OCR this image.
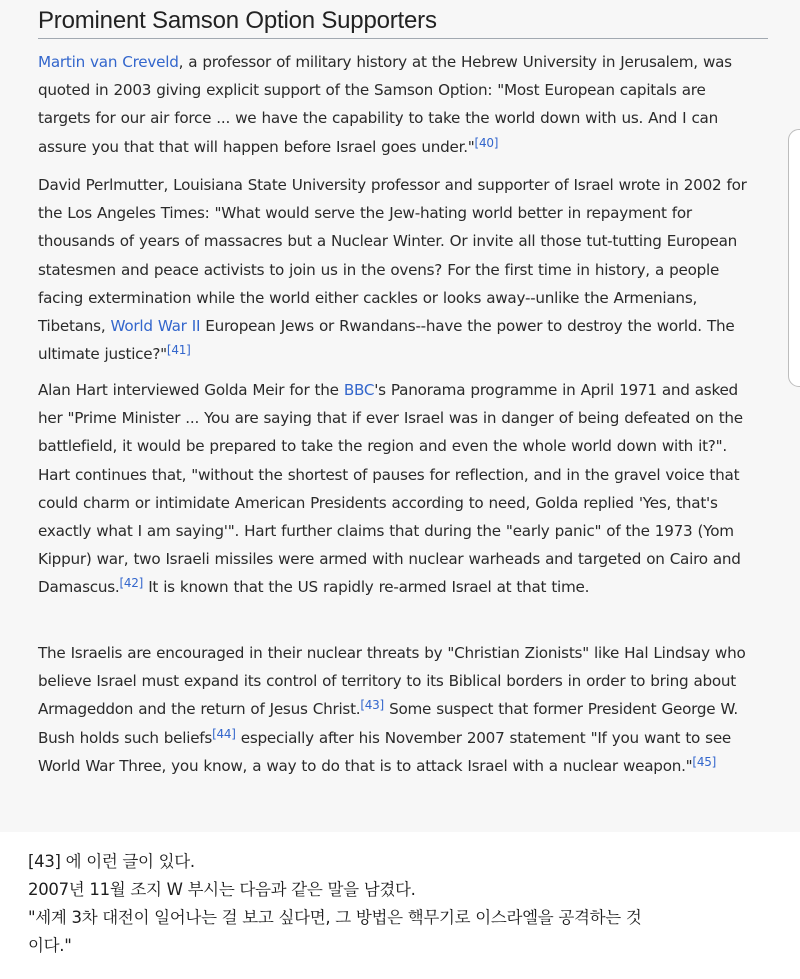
Prominent Samson Option Supporters

Martin van Creveld, a professor of military history at the Hebrew University in Jerusalem, was quoted in 2003 giving explicit support of the Samson Option: "Most European capitals are targets for our air force ... we have the capability to take the world down with us. And I can assure you that that will happen before Israel goes under."[40]

David Perlmutter, Louisiana State University professor and supporter of Israel wrote in 2002 for the Los Angeles Times: "What would serve the Jew-hating world better in repayment for thousands of years of massacres but a Nuclear Winter. Or invite all those tut-tutting European statesmen and peace activists to join us in the ovens? For the first time in history, a people facing extermination while the world either cackles or looks away--unlike the Armenians, Tibetans, World War II European Jews or Rwandans--have the power to destroy the world. The ultimate justice?"[41]

Alan Hart interviewed Golda Meir for the BBC's Panorama programme in April 1971 and asked her "Prime Minister ... You are saying that if ever Israel was in danger of being defeated on the battlefield, it would be prepared to take the region and even the whole world down with it?". Hart continues that, "without the shortest of pauses for reflection, and in the gravel voice that could charm or intimidate American Presidents according to need, Golda replied 'Yes, that's exactly what I am saying'". Hart further claims that during the "early panic" of the 1973 (Yom Kippur) war, two Israeli missiles were armed with nuclear warheads and targeted on Cairo and Damascus.[42] It is known that the US rapidly re-armed Israel at that time.

The Israelis are encouraged in their nuclear threats by "Christian Zionists" like Hal Lindsay who believe Israel must expand its control of territory to its Biblical borders in order to bring about Armageddon and the return of Jesus Christ.[43] Some suspect that former President George W. Bush holds such beliefs[44] especially after his November 2007 statement "If you want to see World War Three, you know, a way to do that is to attack Israel with a nuclear weapon."[45]

[43] 에 이런 글이 있다.
2007년 11월 조지 W 부시는 다음과 같은 말을 남겼다.
"세계 3차 대전이 일어나는 걸 보고 싶다면, 그 방법은 핵무기로 이스라엘을 공격하는 것
이다."
